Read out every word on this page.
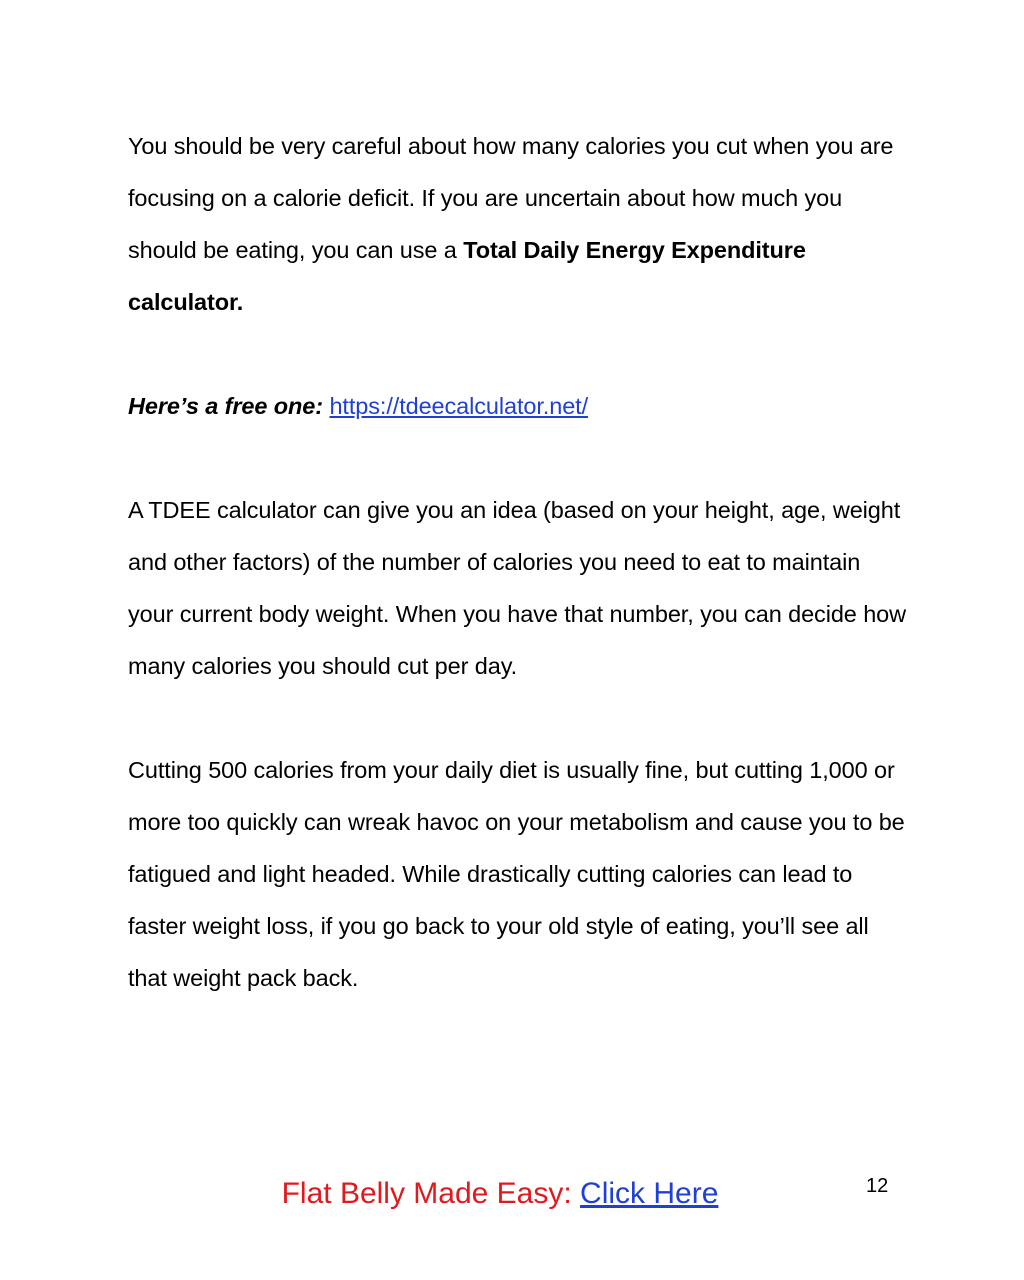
You should be very careful about how many calories you cut when you are focusing on a calorie deficit. If you are uncertain about how much you should be eating, you can use a Total Daily Energy Expenditure calculator.

Here’s a free one: https://tdeecalculator.net/

A TDEE calculator can give you an idea (based on your height, age, weight and other factors) of the number of calories you need to eat to maintain your current body weight. When you have that number, you can decide how many calories you should cut per day.

Cutting 500 calories from your daily diet is usually fine, but cutting 1,000 or more too quickly can wreak havoc on your metabolism and cause you to be fatigued and light headed. While drastically cutting calories can lead to faster weight loss, if you go back to your old style of eating, you’ll see all that weight pack back.

Flat Belly Made Easy: Click Here	12
